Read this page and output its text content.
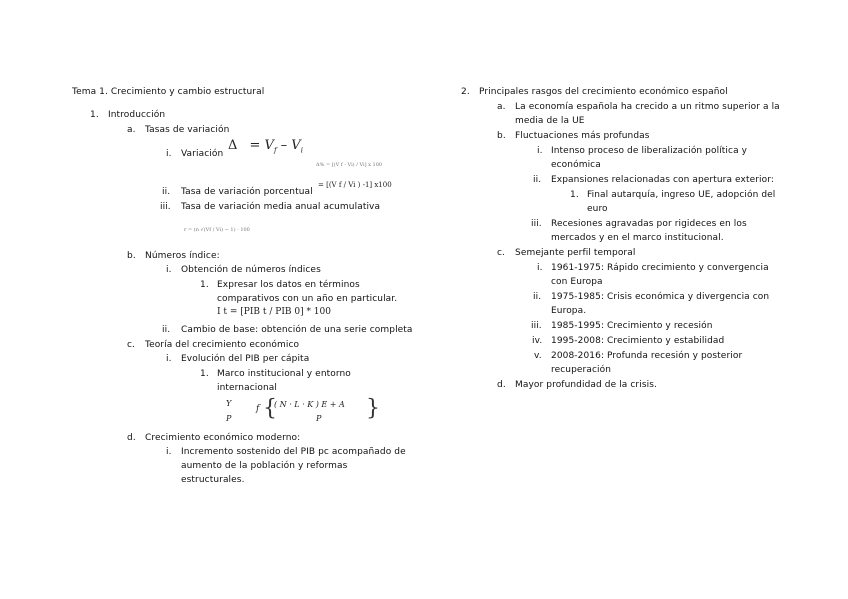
Tema 1. Crecimiento y cambio estructural
1. Introducción
a. Tasas de variación
i. Variación
$\Delta = V_f - V_i$
Δ% = [(V f - Vi) / Vi] x 100
= [(V f / Vi ) -1] x100
ii. Tasa de variación porcentual
iii. Tasa de variación media anual acumulativa
r = (n √(Vf / Vi) − 1) · 100
b. Números índice:
i. Obtención de números índices
1. Expresar los datos en términos
comparativos con un año en particular.
I t = [PIB t / PIB 0] * 100
ii. Cambio de base: obtención de una serie completa
c. Teoría del crecimiento económico
i. Evolución del PIB per cápita
1. Marco institucional y entorno
internacional
Y
P
f {
( N · L · K ) E + A
P }
d. Crecimiento económico moderno:
i. Incremento sostenido del PIB pc acompañado de
aumento de la población y reformas
estructurales.
2. Principales rasgos del crecimiento económico español
a. La economía española ha crecido a un ritmo superior a la
media de la UE
b. Fluctuaciones más profundas
i. Intenso proceso de liberalización política y
económica
ii. Expansiones relacionadas con apertura exterior:
1. Final autarquía, ingreso UE, adopción del
euro
iii. Recesiones agravadas por rigideces en los
mercados y en el marco institucional.
c. Semejante perfil temporal
i. 1961-1975: Rápido crecimiento y convergencia
con Europa
ii. 1975-1985: Crisis económica y divergencia con
Europa.
iii. 1985-1995: Crecimiento y recesión
iv. 1995-2008: Crecimiento y estabilidad
v. 2008-2016: Profunda recesión y posterior
recuperación
d. Mayor profundidad de la crisis.
